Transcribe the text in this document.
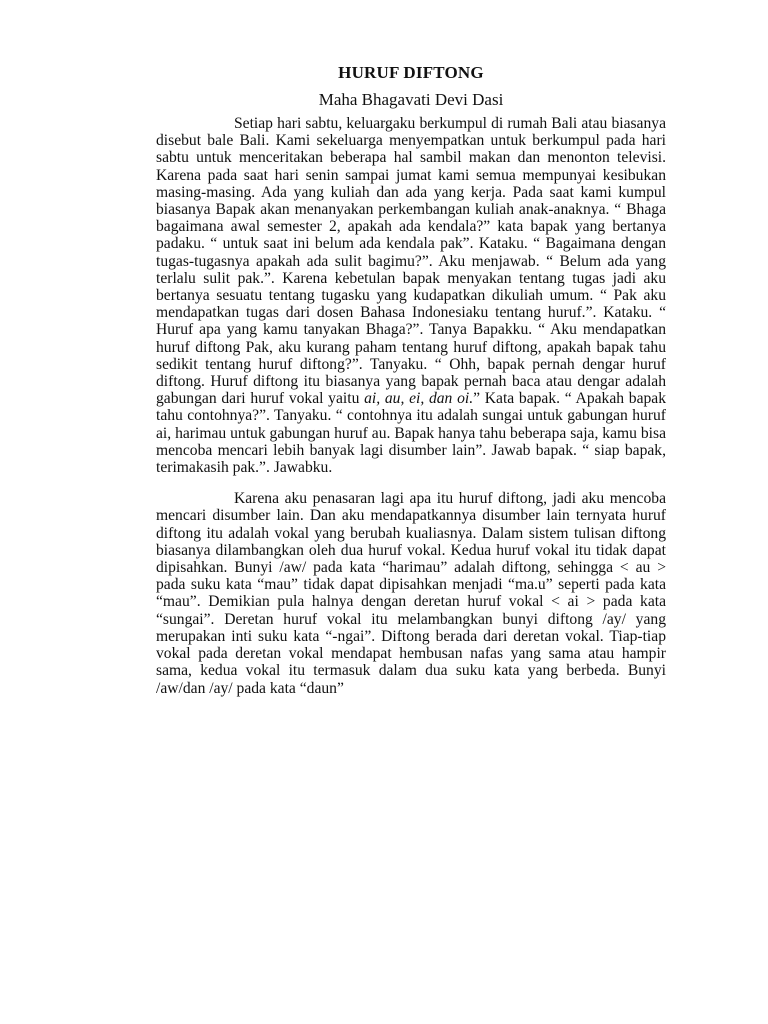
HURUF DIFTONG
Maha Bhagavati Devi Dasi

Setiap hari sabtu, keluargaku berkumpul di rumah Bali atau biasanya disebut bale Bali. Kami sekeluarga menyempatkan untuk berkumpul pada hari sabtu untuk menceritakan beberapa hal sambil makan dan menonton televisi. Karena pada saat hari senin sampai jumat kami semua mempunyai kesibukan masing-masing. Ada yang kuliah dan ada yang kerja. Pada saat kami kumpul biasanya Bapak akan menanyakan perkembangan kuliah anak-anaknya. “ Bhaga bagaimana awal semester 2, apakah ada kendala?” kata bapak yang bertanya padaku. “ untuk saat ini belum ada kendala pak”. Kataku. “ Bagaimana dengan tugas-tugasnya apakah ada sulit bagimu?”. Aku menjawab. “ Belum ada yang terlalu sulit pak.”. Karena kebetulan bapak menyakan tentang tugas jadi aku bertanya sesuatu tentang tugasku yang kudapatkan dikuliah umum. “ Pak aku mendapatkan tugas dari dosen Bahasa Indonesiaku tentang huruf.”. Kataku. “ Huruf apa yang kamu tanyakan Bhaga?”. Tanya Bapakku. “ Aku mendapatkan huruf diftong Pak, aku kurang paham tentang huruf diftong, apakah bapak tahu sedikit tentang huruf diftong?”. Tanyaku. “ Ohh, bapak pernah dengar huruf diftong. Huruf diftong itu biasanya yang bapak pernah baca atau dengar adalah gabungan dari huruf vokal yaitu ai, au, ei, dan oi.” Kata bapak. “ Apakah bapak tahu contohnya?”. Tanyaku. “ contohnya itu adalah sungai untuk gabungan huruf ai, harimau untuk gabungan huruf au. Bapak hanya tahu beberapa saja, kamu bisa mencoba mencari lebih banyak lagi disumber lain”. Jawab bapak. “ siap bapak, terimakasih pak.”. Jawabku.

Karena aku penasaran lagi apa itu huruf diftong, jadi aku mencoba mencari disumber lain. Dan aku mendapatkannya disumber lain ternyata huruf diftong itu adalah vokal yang berubah kualiasnya. Dalam sistem tulisan diftong biasanya dilambangkan oleh dua huruf vokal. Kedua huruf vokal itu tidak dapat dipisahkan. Bunyi /aw/ pada kata “harimau” adalah diftong, sehingga < au > pada suku kata “mau” tidak dapat dipisahkan menjadi “ma.u” seperti pada kata “mau”. Demikian pula halnya dengan deretan huruf vokal < ai > pada kata “sungai”. Deretan huruf vokal itu melambangkan bunyi diftong /ay/ yang merupakan inti suku kata “-ngai”. Diftong berada dari deretan vokal. Tiap-tiap vokal pada deretan vokal mendapat hembusan nafas yang sama atau hampir sama, kedua vokal itu termasuk dalam dua suku kata yang berbeda. Bunyi /aw/dan /ay/ pada kata “daun”
